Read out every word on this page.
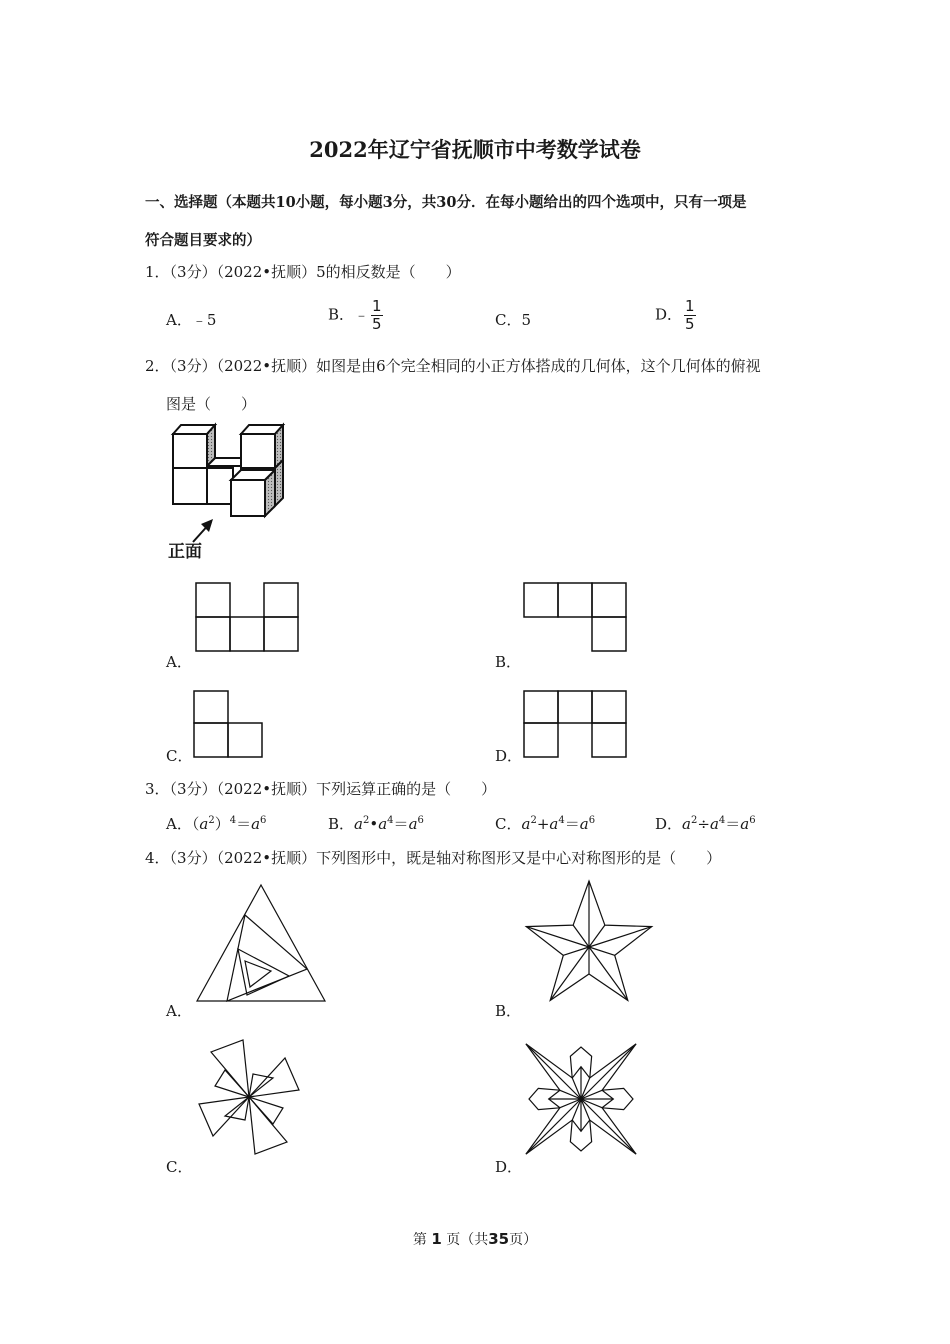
2022年辽宁省抚顺市中考数学试卷
一、选择题（本题共10小题，每小题3分，共30分．在每小题给出的四个选项中，只有一项是
符合题目要求的）
1．（3分）（2022•抚顺）5的相反数是（　　）
A．﹣5	B．﹣ $\frac{1}{5}$	C．5	D． $\frac{1}{5}$
2．（3分）（2022•抚顺）如图是由6个完全相同的小正方体搭成的几何体，这个几何体的俯视
图是（　　）
正面
A．	B．
C．	D．
3．（3分）（2022•抚顺）下列运算正确的是（　　）
A．$(a^2)^4=a^6$	B．$a^2•a^4=a^6$	C．$a^2+a^4=a^6$	D．$a^2\div a^4=a^6$
4．（3分）（2022•抚顺）下列图形中，既是轴对称图形又是中心对称图形的是（　　）
A．	B．
C．	D．
第 1 页（共35页）
